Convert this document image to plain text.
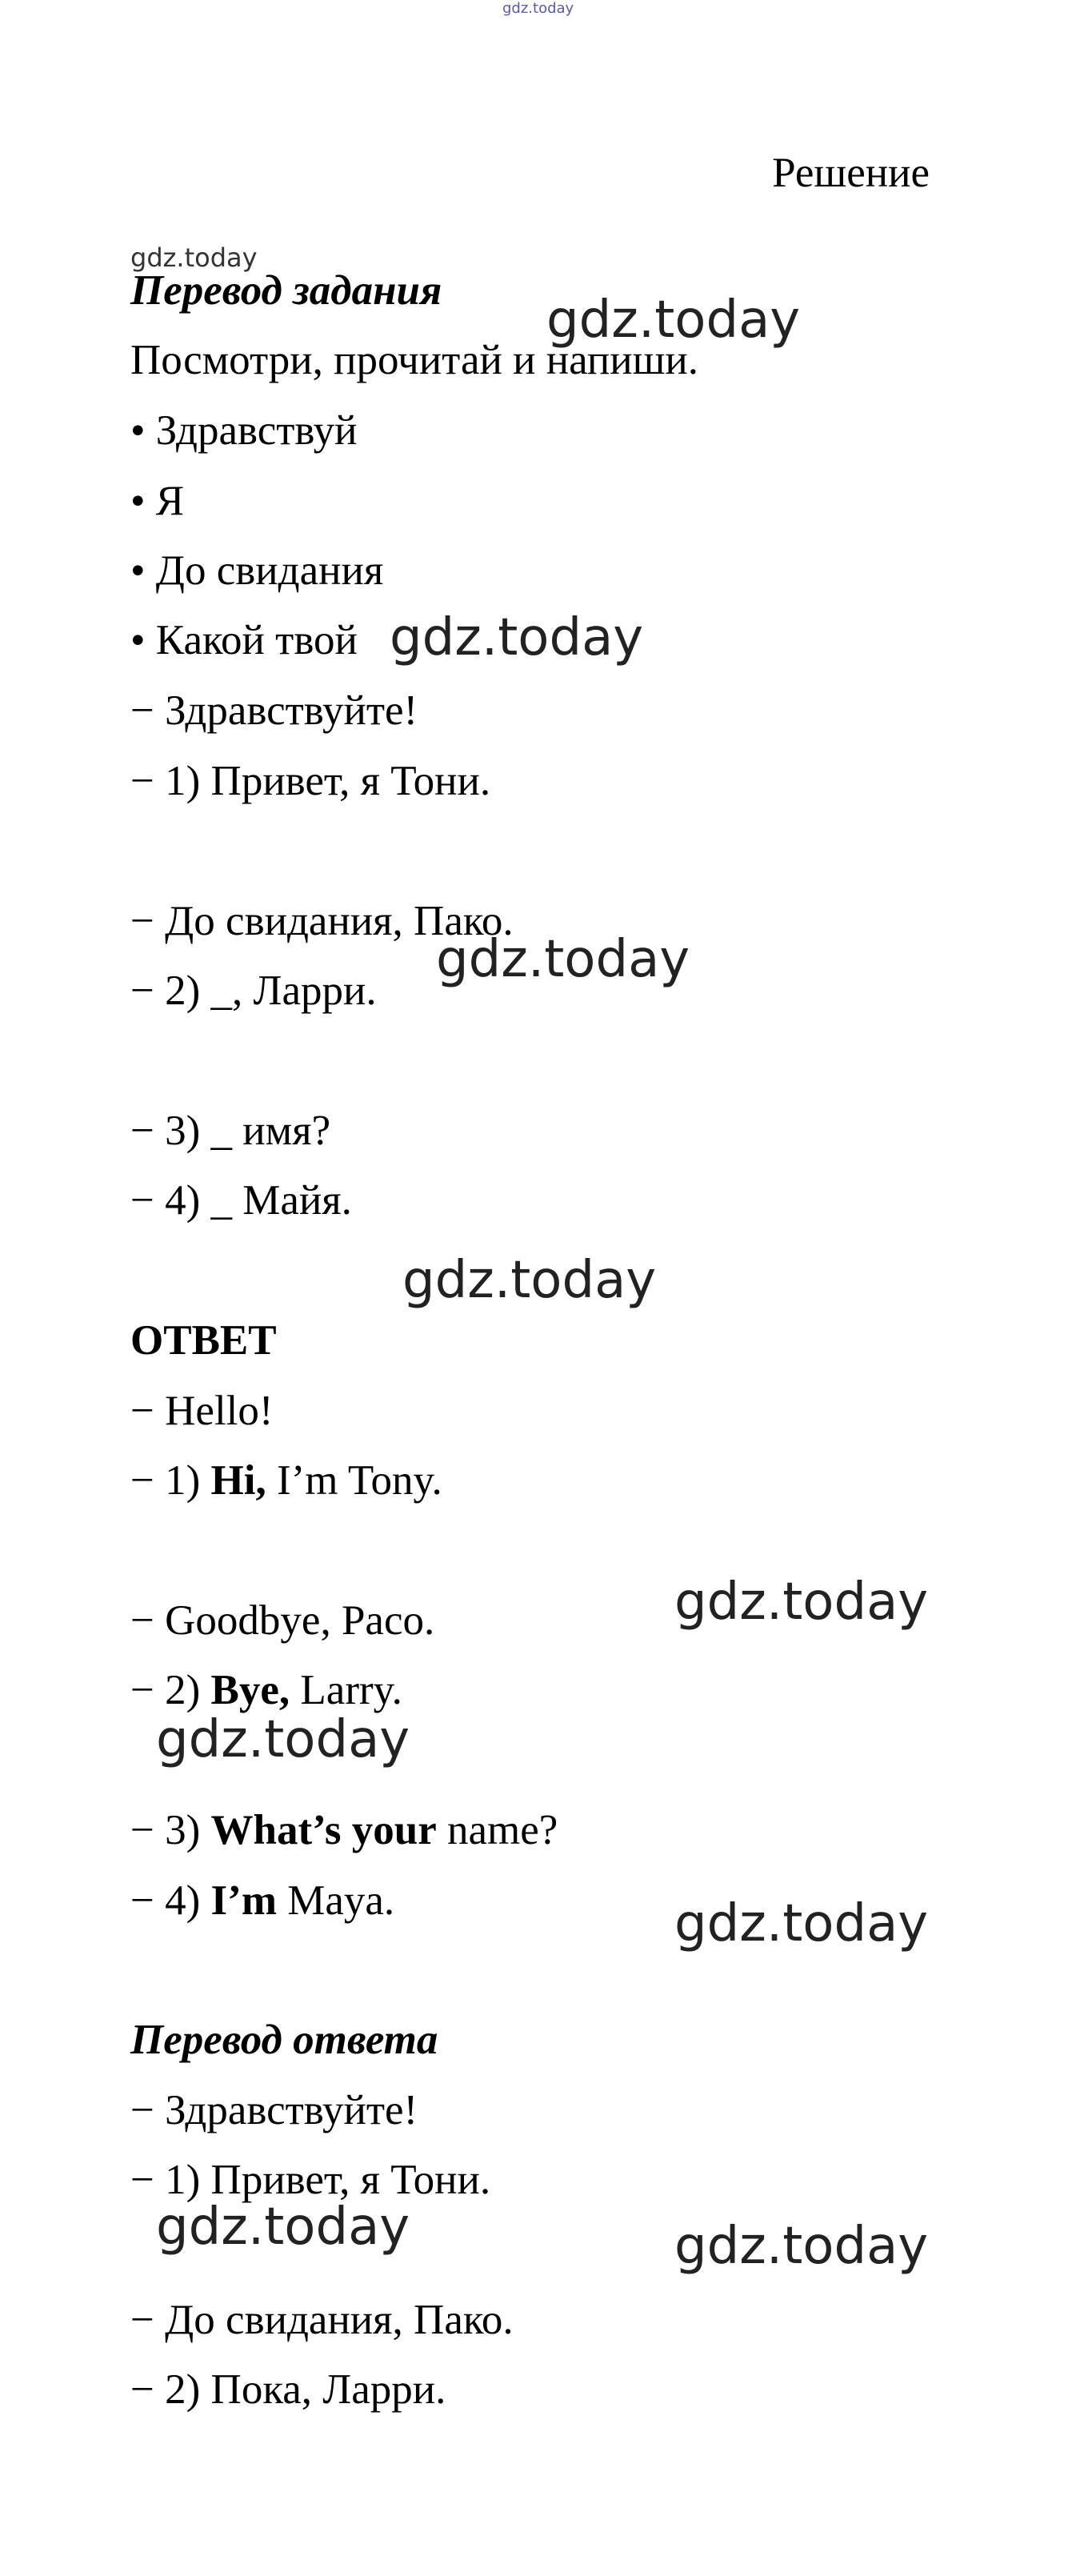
gdz.today
gdz.today
gdz.today
gdz.today
gdz.today
gdz.today
gdz.today
gdz.today
gdz.today
gdz.today	gdz.today
Решение
Перевод задания
Посмотри, прочитай и напиши.
• Здравствуй
• Я
• До свидания
• Какой твой
− Здравствуйте!
− 1) Привет, я Тони.
− До свидания, Пако.
− 2) _, Ларри.
− 3) _ имя?
− 4) _ Майя.
ОТВЕТ
− Hello!
− 1) Hi, I’m Tony.
− Goodbye, Paco.
− 2) Bye, Larry.
− 3) What’s your name?
− 4) I’m Maya.
Перевод ответа
− Здравствуйте!
− 1) Привет, я Тони.
− До свидания, Пако.
− 2) Пока, Ларри.
